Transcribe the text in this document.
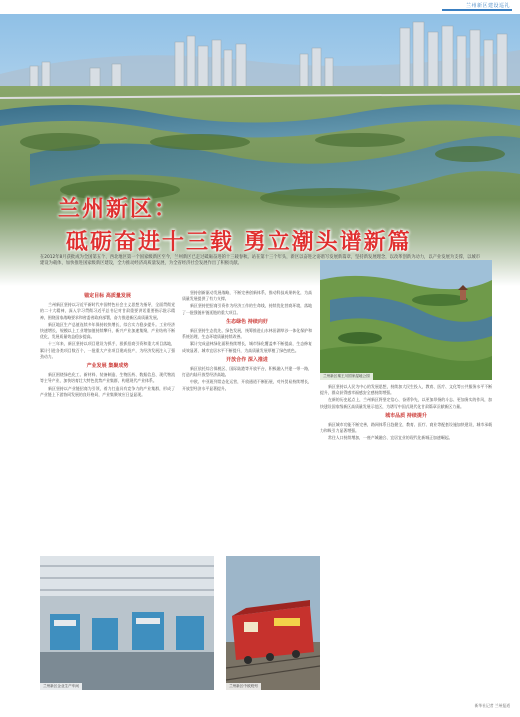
兰州新区建设巡礼
兰州新区：
砥砺奋进十三载 勇立潮头谱新篇
在2012年8月获批成为全国第五个、西北地区第一个国家级新区至今，兰州新区已走过砥砺奋进的十三载春秋。站在第十三个年头，新区以奋进之姿谱写发展新篇章，坚持新发展理念，以改革创新为动力，以产业发展为支撑，以城市建设为载体，加快推进国家级新区建设，全力推动经济高质量发展，为全省经济社会发展作出了积极贡献。
锚定目标 高质量发展

兰州新区坚持以习近平新时代中国特色社会主义思想为指导，全面贯彻党的二十大精神，深入学习贯彻习近平总书记对甘肃重要讲话重要指示批示精神，围绕国家战略要求和省委省政府部署，奋力推进新区高质量发展。

新区地区生产总值连续多年保持较快增长，综合实力稳步提升。工业经济快速增长，规模以上工业增加值持续攀升，新兴产业加速集聚，产业结构不断优化，发展质量效益稳步提高。

十三年来，新区坚持以项目建设为抓手，狠抓招商引资和重大项目落地，累计引进各类项目数百个，一批重大产业项目建成投产，为经济发展注入了强劲动力。

产业发展 集聚成势

新区围绕绿色化工、新材料、装备制造、生物医药、数据信息、现代物流等主导产业，加快培育壮大特色优势产业集群，构建现代产业体系。

新区坚持以产业链招商为引领，着力打造具有竞争力的产业集群，形成了产业链上下游协同发展的良好格局，产业集聚效应日益显现。

坚持创新驱动发展战略，不断完善创新体系，推动科技成果转化，为高质量发展提供了有力支撑。

新区坚持把招商引资作为经济工作的生命线，持续优化营商环境，落地了一批强链补链延链的重大项目。

生态绿色 持续向好

新区坚持生态优先、绿色发展，统筹推进山水林田湖草沙一体化保护和系统治理，生态环境质量持续改善。

累计完成造林绿化面积持续增长，城市绿化覆盖率不断提高，生态修复成效显著，城市宜居水平不断提升，为高质量发展厚植了绿色底色。

开放合作 深入推进

新区依托综合保税区、国际陆港等开放平台，积极融入共建一带一路，打造内陆开放型经济高地。

中欧、中亚班列常态化运营，开放通道不断拓展，对外贸易持续增长，开放型经济水平显著提升。

兰州新区秦王川国家湿地公园

新区坚持以人民为中心的发展思想，持续加大民生投入，教育、医疗、文化等公共服务水平不断提升，群众获得感幸福感安全感持续增强。

在新的历史起点上，兰州新区将坚定信心、奋勇争先，以更加昂扬的斗志、更加务实的作风，加快建设国家级新区高质量发展示范区，为谱写中国式现代化甘肃篇章贡献新区力量。

城市品质 持续提升

新区城市功能不断完善，路网体系日趋健全，教育、医疗、商业等配套设施加快建设，城市承载力和吸引力显著增强。

常住人口持续增加，一座产城融合、宜居宜业的现代化新城正加速崛起。

兰州新区企业生产车间	兰州新区中欧班列
新华社记者 兰州报道
